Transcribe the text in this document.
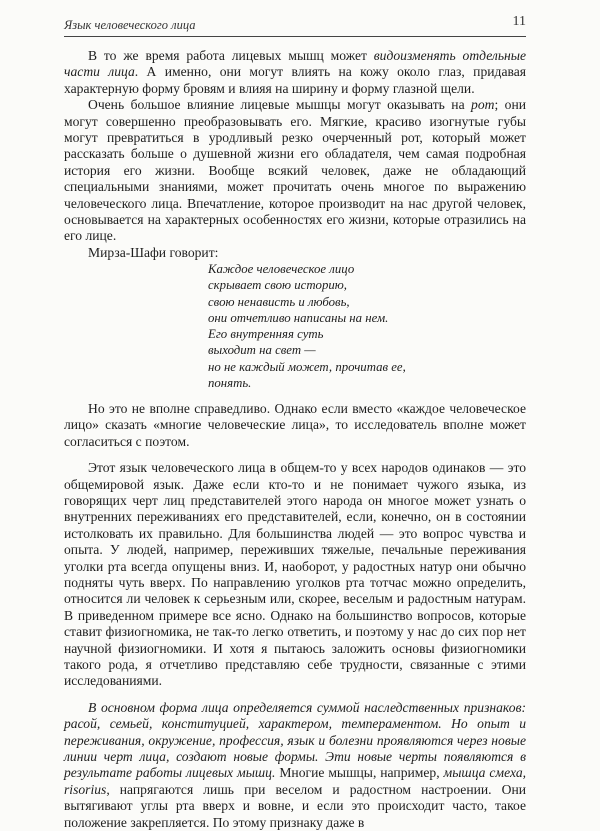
Язык человеческого лица	11

В то же время работа лицевых мышц может видоизменять отдельные части лица. А именно, они могут влиять на кожу около глаз, придавая характерную форму бровям и влияя на ширину и форму глазной щели.

Очень большое влияние лицевые мышцы могут оказывать на рот; они могут совершенно преобразовывать его. Мягкие, красиво изогнутые губы могут превратиться в уродливый резко очерченный рот, который может рассказать больше о душевной жизни его обладателя, чем самая подробная история его жизни. Вообще всякий человек, даже не обладающий специальными знаниями, может прочитать очень многое по выражению человеческого лица. Впечатление, которое производит на нас другой человек, основывается на характерных особенностях его жизни, которые отразились на его лице.

Мирза-Шафи говорит:

Каждое человеческое лицо
скрывает свою историю,
свою ненависть и любовь,
они отчетливо написаны на нем.
Его внутренняя суть
выходит на свет —
но не каждый может, прочитав ее,
понять.

Но это не вполне справедливо. Однако если вместо «каждое человеческое лицо» сказать «многие человеческие лица», то исследователь вполне может согласиться с поэтом.

Этот язык человеческого лица в общем-то у всех народов одинаков — это общемировой язык. Даже если кто-то и не понимает чужого языка, из говорящих черт лиц представителей этого народа он многое может узнать о внутренних переживаниях его представителей, если, конечно, он в состоянии истолковать их правильно. Для большинства людей — это вопрос чувства и опыта. У людей, например, переживших тяжелые, печальные переживания уголки рта всегда опущены вниз. И, наоборот, у радостных натур они обычно подняты чуть вверх. По направлению уголков рта тотчас можно определить, относится ли человек к серьезным или, скорее, веселым и радостным натурам. В приведенном примере все ясно. Однако на большинство вопросов, которые ставит физиогномика, не так-то легко ответить, и поэтому у нас до сих пор нет научной физиогномики. И хотя я пытаюсь заложить основы физиогномики такого рода, я отчетливо представляю себе трудности, связанные с этими исследованиями.

В основном форма лица определяется суммой наследственных признаков: расой, семьей, конституцией, характером, темпераментом. Но опыт и переживания, окружение, профессия, язык и болезни проявляются через новые линии черт лица, создают новые формы. Эти новые черты появляются в результате работы лицевых мышц. Многие мышцы, например, мышца смеха, risorius, напрягаются лишь при веселом и радостном настроении. Они вытягивают углы рта вверх и вовне, и если это происходит часто, такое положение закрепляется. По этому признаку даже в
